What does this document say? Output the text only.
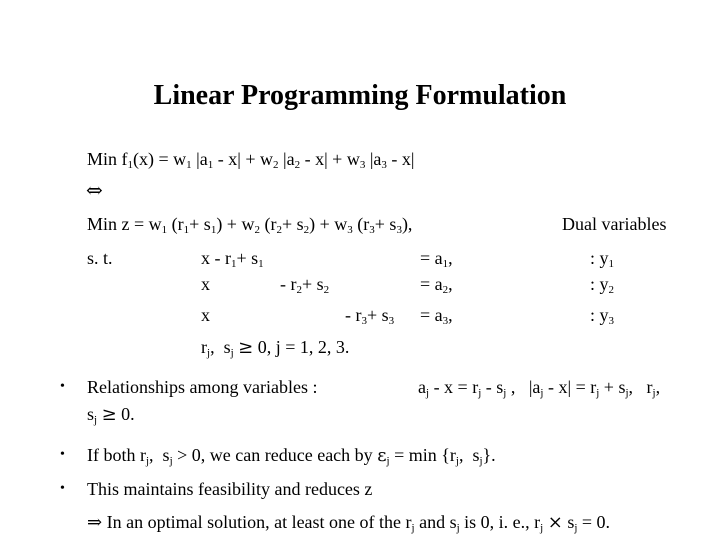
Linear Programming Formulation
Min $f_1(x) = w_1$ $|a_1 - x| + w_2$ $|a_2 - x| + w_3$ $|a_3 - x|$
⇔
Min $z = w_1$ $(r_1+ s_1) + w_2$ $(r_2+ s_2) + w_3$ $(r_3+ s_3)$,	Dual variables
s. t.	$x - r_1+ s_1$	= $a_1$,	: $y_1$
x	- $r_2+ s_2$	= $a_2$,	: $y_2$
x	- $r_3+ s_3 = a_3$,	: $y_3$
$r_j$,  $s_j \ge 0$, j = 1, 2, 3.
• Relationships among variables :	$a_j - x = r_j - s_j$ ,   $|a_j - x| = r_j + s_j$,   $r_j$,
$s_j \ge 0$.
• If both $r_j$,  $s_j > 0$, we can reduce each by $\varepsilon_j = \min \{r_j$,  $s_j$}.
• This maintains feasibility and reduces z
⇒ In an optimal solution, at least one of the $r_j$ and $s_j$ is 0, i. e., $r_j \times s_j = 0$.
